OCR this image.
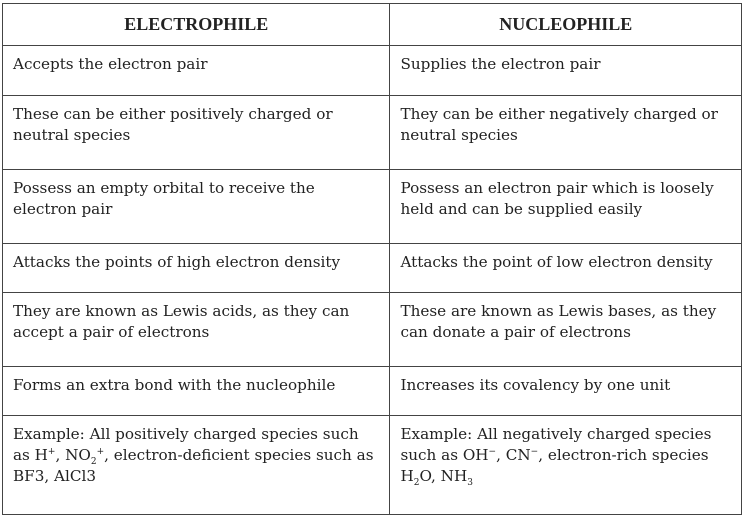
ELECTROPHILE	NUCLEOPHILE
Accepts the electron pair	Supplies the electron pair
These can be either positively charged or neutral species	They can be either negatively charged or neutral species
Possess an empty orbital to receive the electron pair	Possess an electron pair which is loosely held and can be supplied easily
Attacks the points of high electron density	Attacks the point of low electron density
They are known as Lewis acids, as they can accept a pair of electrons	These are known as Lewis bases, as they can donate a pair of electrons
Forms an extra bond with the nucleophile	Increases its covalency by one unit
Example: All positively charged species such as H+, $NO_2^+$, electron-deficient species such as BF3, AlCl3	Example: All negatively charged species such as OH−, CN−, electron-rich species $H_2O$, $NH_3$
